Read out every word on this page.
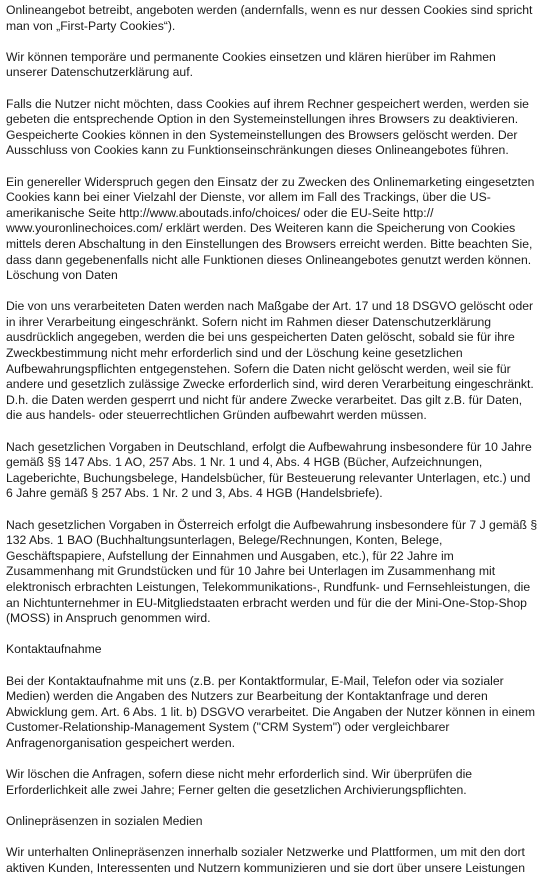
Onlineangebot betreibt, angeboten werden (andernfalls, wenn es nur dessen Cookies sind spricht
man von „First-Party Cookies“).

Wir können temporäre und permanente Cookies einsetzen und klären hierüber im Rahmen
unserer Datenschutzerklärung auf.

Falls die Nutzer nicht möchten, dass Cookies auf ihrem Rechner gespeichert werden, werden sie
gebeten die entsprechende Option in den Systemeinstellungen ihres Browsers zu deaktivieren.
Gespeicherte Cookies können in den Systemeinstellungen des Browsers gelöscht werden. Der
Ausschluss von Cookies kann zu Funktionseinschränkungen dieses Onlineangebotes führen.

Ein genereller Widerspruch gegen den Einsatz der zu Zwecken des Onlinemarketing eingesetzten
Cookies kann bei einer Vielzahl der Dienste, vor allem im Fall des Trackings, über die US-
amerikanische Seite http://www.aboutads.info/choices/ oder die EU-Seite http://
www.youronlinechoices.com/ erklärt werden. Des Weiteren kann die Speicherung von Cookies
mittels deren Abschaltung in den Einstellungen des Browsers erreicht werden. Bitte beachten Sie,
dass dann gegebenenfalls nicht alle Funktionen dieses Onlineangebotes genutzt werden können.
Löschung von Daten

Die von uns verarbeiteten Daten werden nach Maßgabe der Art. 17 und 18 DSGVO gelöscht oder
in ihrer Verarbeitung eingeschränkt. Sofern nicht im Rahmen dieser Datenschutzerklärung
ausdrücklich angegeben, werden die bei uns gespeicherten Daten gelöscht, sobald sie für ihre
Zweckbestimmung nicht mehr erforderlich sind und der Löschung keine gesetzlichen
Aufbewahrungspflichten entgegenstehen. Sofern die Daten nicht gelöscht werden, weil sie für
andere und gesetzlich zulässige Zwecke erforderlich sind, wird deren Verarbeitung eingeschränkt.
D.h. die Daten werden gesperrt und nicht für andere Zwecke verarbeitet. Das gilt z.B. für Daten,
die aus handels- oder steuerrechtlichen Gründen aufbewahrt werden müssen.

Nach gesetzlichen Vorgaben in Deutschland, erfolgt die Aufbewahrung insbesondere für 10 Jahre
gemäß §§ 147 Abs. 1 AO, 257 Abs. 1 Nr. 1 und 4, Abs. 4 HGB (Bücher, Aufzeichnungen,
Lageberichte, Buchungsbelege, Handelsbücher, für Besteuerung relevanter Unterlagen, etc.) und
6 Jahre gemäß § 257 Abs. 1 Nr. 2 und 3, Abs. 4 HGB (Handelsbriefe).

Nach gesetzlichen Vorgaben in Österreich erfolgt die Aufbewahrung insbesondere für 7 J gemäß §
132 Abs. 1 BAO (Buchhaltungsunterlagen, Belege/Rechnungen, Konten, Belege,
Geschäftspapiere, Aufstellung der Einnahmen und Ausgaben, etc.), für 22 Jahre im
Zusammenhang mit Grundstücken und für 10 Jahre bei Unterlagen im Zusammenhang mit
elektronisch erbrachten Leistungen, Telekommunikations-, Rundfunk- und Fernsehleistungen, die
an Nichtunternehmer in EU-Mitgliedstaaten erbracht werden und für die der Mini-One-Stop-Shop
(MOSS) in Anspruch genommen wird.

Kontaktaufnahme

Bei der Kontaktaufnahme mit uns (z.B. per Kontaktformular, E-Mail, Telefon oder via sozialer
Medien) werden die Angaben des Nutzers zur Bearbeitung der Kontaktanfrage und deren
Abwicklung gem. Art. 6 Abs. 1 lit. b) DSGVO verarbeitet. Die Angaben der Nutzer können in einem
Customer-Relationship-Management System ("CRM System") oder vergleichbarer
Anfragenorganisation gespeichert werden.

Wir löschen die Anfragen, sofern diese nicht mehr erforderlich sind. Wir überprüfen die
Erforderlichkeit alle zwei Jahre; Ferner gelten die gesetzlichen Archivierungspflichten.

Onlinepräsenzen in sozialen Medien

Wir unterhalten Onlinepräsenzen innerhalb sozialer Netzwerke und Plattformen, um mit den dort
aktiven Kunden, Interessenten und Nutzern kommunizieren und sie dort über unsere Leistungen
